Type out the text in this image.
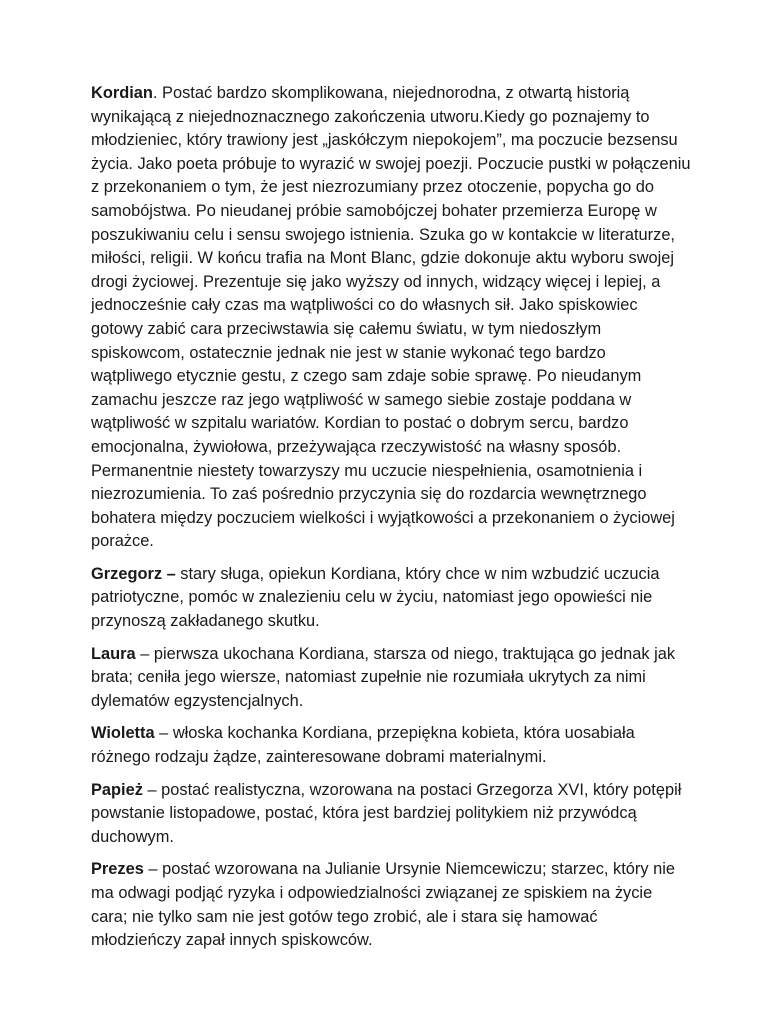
Kordian. Postać bardzo skomplikowana, niejednorodna, z otwartą historią wynikającą z niejednoznacznego zakończenia utworu.Kiedy go poznajemy to młodzieniec, który trawiony jest „jaskółczym niepokojem”, ma poczucie bezsensu życia. Jako poeta próbuje to wyrazić w swojej poezji. Poczucie pustki w połączeniu z przekonaniem o tym, że jest niezrozumiany przez otoczenie, popycha go do samobójstwa. Po nieudanej próbie samobójczej bohater przemierza Europę w poszukiwaniu celu i sensu swojego istnienia. Szuka go w kontakcie w literaturze, miłości, religii. W końcu trafia na Mont Blanc, gdzie dokonuje aktu wyboru swojej drogi życiowej. Prezentuje się jako wyższy od innych, widzący więcej i lepiej, a jednocześnie cały czas ma wątpliwości co do własnych sił. Jako spiskowiec gotowy zabić cara przeciwstawia się całemu światu, w tym niedoszłym spiskowcom, ostatecznie jednak nie jest w stanie wykonać tego bardzo wątpliwego etycznie gestu, z czego sam zdaje sobie sprawę. Po nieudanym zamachu jeszcze raz jego wątpliwość w samego siebie zostaje poddana w wątpliwość w szpitalu wariatów. Kordian to postać o dobrym sercu, bardzo emocjonalna, żywiołowa, przeżywająca rzeczywistość na własny sposób. Permanentnie niestety towarzyszy mu uczucie niespełnienia, osamotnienia i niezrozumienia. To zaś pośrednio przyczynia się do rozdarcia wewnętrznego bohatera między poczuciem wielkości i wyjątkowości a przekonaniem o życiowej porażce.

Grzegorz – stary sługa, opiekun Kordiana, który chce w nim wzbudzić uczucia patriotyczne, pomóc w znalezieniu celu w życiu, natomiast jego opowieści nie przynoszą zakładanego skutku.

Laura – pierwsza ukochana Kordiana, starsza od niego, traktująca go jednak jak brata; ceniła jego wiersze, natomiast zupełnie nie rozumiała ukrytych za nimi dylematów egzystencjalnych.

Wioletta – włoska kochanka Kordiana, przepiękna kobieta, która uosabiała różnego rodzaju żądze, zainteresowane dobrami materialnymi.

Papież – postać realistyczna, wzorowana na postaci Grzegorza XVI, który potępił powstanie listopadowe, postać, która jest bardziej politykiem niż przywódcą duchowym.

Prezes – postać wzorowana na Julianie Ursynie Niemcewiczu; starzec, który nie ma odwagi podjąć ryzyka i odpowiedzialności związanej ze spiskiem na życie cara; nie tylko sam nie jest gotów tego zrobić, ale i stara się hamować młodzieńczy zapał innych spiskowców.
